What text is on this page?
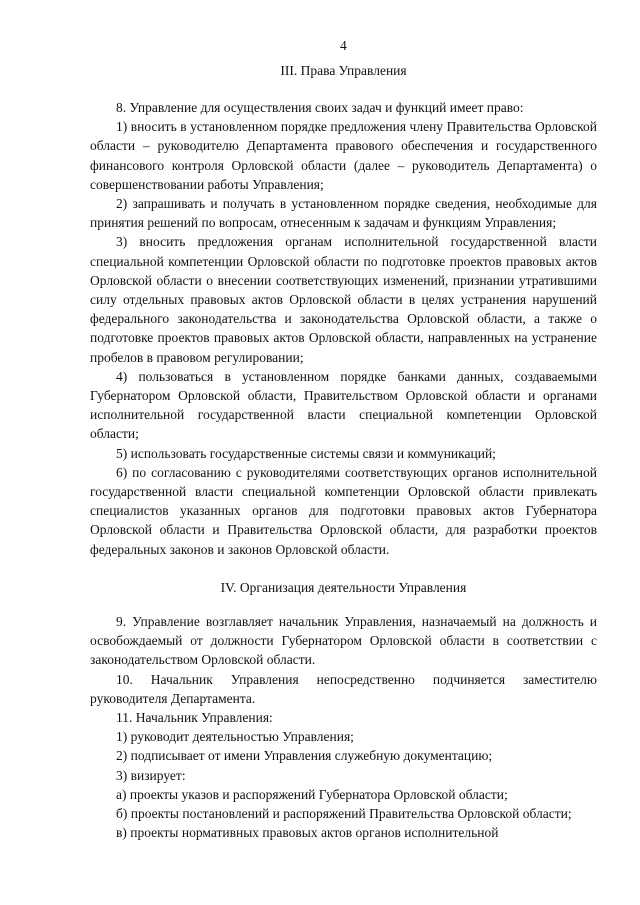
4
III. Права Управления

8. Управление для осуществления своих задач и функций имеет право:

1) вносить в установленном порядке предложения члену Правительства Орловской области – руководителю Департамента правового обеспечения и государственного финансового контроля Орловской области (далее – руководитель Департамента) о совершенствовании работы Управления;

2) запрашивать и получать в установленном порядке сведения, необходимые для принятия решений по вопросам, отнесенным к задачам и функциям Управления;

3) вносить предложения органам исполнительной государственной власти специальной компетенции Орловской области по подготовке проектов правовых актов Орловской области о внесении соответствующих изменений, признании утратившими силу отдельных правовых актов Орловской области в целях устранения нарушений федерального законодательства и законодательства Орловской области, а также о подготовке проектов правовых актов Орловской области, направленных на устранение пробелов в правовом регулировании;

4) пользоваться в установленном порядке банками данных, создаваемыми Губернатором Орловской области, Правительством Орловской области и органами исполнительной государственной власти специальной компетенции Орловской области;

5) использовать государственные системы связи и коммуникаций;

6) по согласованию с руководителями соответствующих органов исполнительной государственной власти специальной компетенции Орловской области привлекать специалистов указанных органов для подготовки правовых актов Губернатора Орловской области и Правительства Орловской области, для разработки проектов федеральных законов и законов Орловской области.

IV. Организация деятельности Управления

9. Управление возглавляет начальник Управления, назначаемый на должность и освобождаемый от должности Губернатором Орловской области в соответствии с законодательством Орловской области.

10. Начальник Управления непосредственно подчиняется заместителю руководителя Департамента.

11. Начальник Управления:

1) руководит деятельностью Управления;

2) подписывает от имени Управления служебную документацию;

3) визирует:

а) проекты указов и распоряжений Губернатора Орловской области;

б) проекты постановлений и распоряжений Правительства Орловской области;

в) проекты нормативных правовых актов органов исполнительной
